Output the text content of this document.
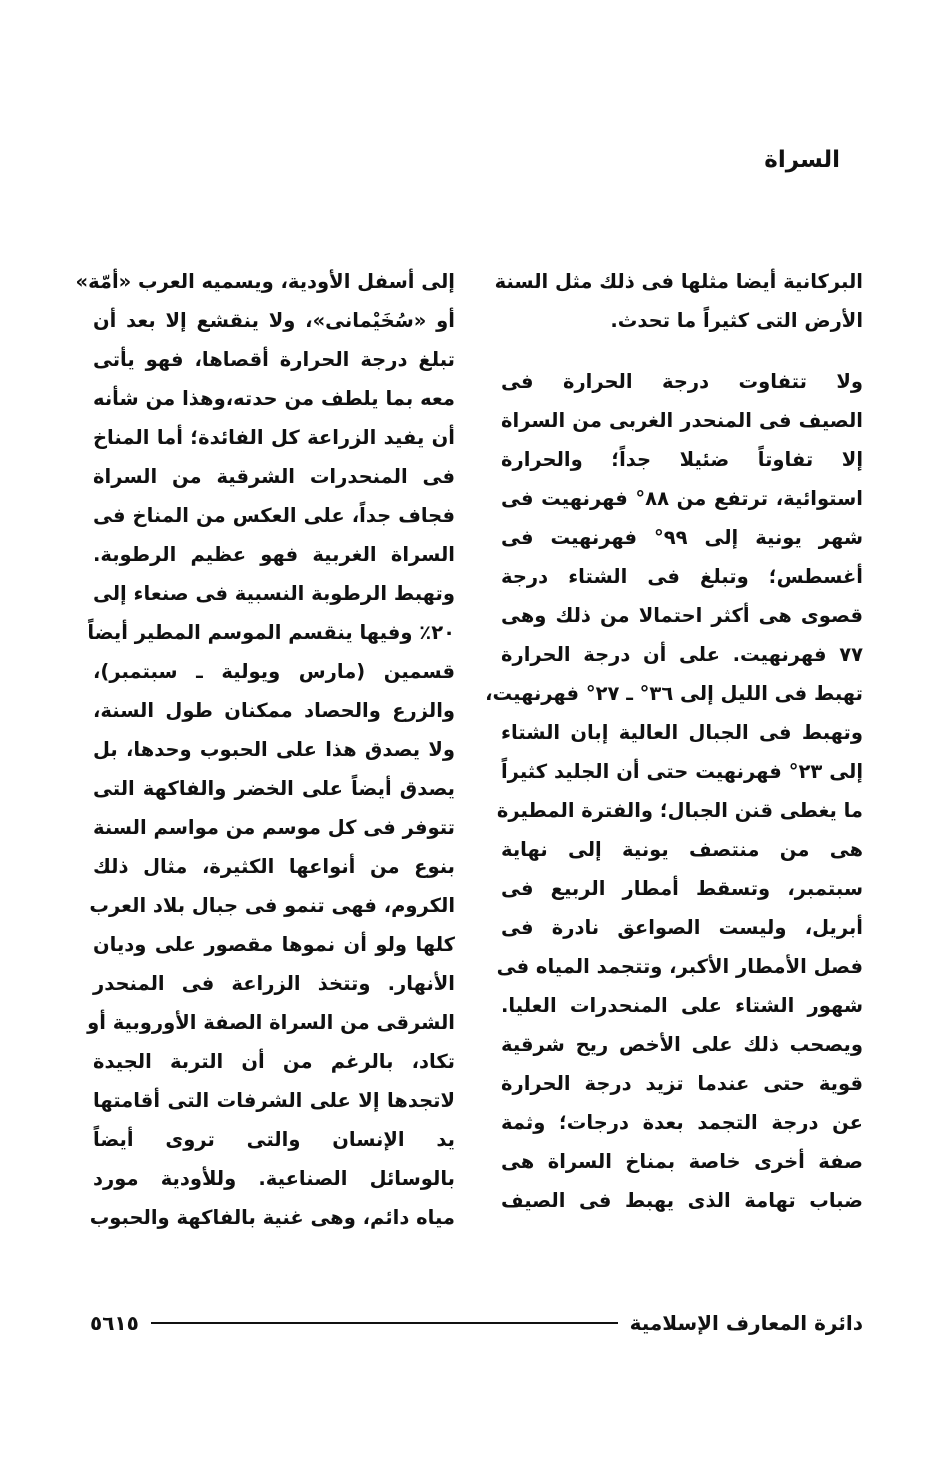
السراة
البركانية أيضا مثلها فى ذلك مثل السنة
الأرض التى كثيراً ما تحدث.
ولا تتفاوت درجة الحرارة فى
الصيف فى المنحدر الغربى من السراة
إلا تفاوتاً ضئيلا جداً؛ والحرارة
استوائية، ترتفع من ٨٨° فهرنهيت فى
شهر يونية إلى ٩٩° فهرنهيت فى
أغسطس؛ وتبلغ فى الشتاء درجة
قصوى هى أكثر احتمالا من ذلك وهى
٧٧ فهرنهيت. على أن درجة الحرارة
تهبط فى الليل إلى ٣٦° ـ ٢٧° فهرنهيت،
وتهبط فى الجبال العالية إبان الشتاء
إلى ٢٣° فهرنهيت حتى أن الجليد كثيراً
ما يغطى قنن الجبال؛ والفترة المطيرة
هى من منتصف يونية إلى نهاية
سبتمبر، وتسقط أمطار الربيع فى
أبريل، وليست الصواعق نادرة فى
فصل الأمطار الأكبر، وتتجمد المياه فى
شهور الشتاء على المنحدرات العليا.
ويصحب ذلك على الأخص ريح شرقية
قوية حتى عندما تزيد درجة الحرارة
عن درجة التجمد بعدة درجات؛ وثمة
صفة أخرى خاصة بمناخ السراة هى
ضباب تهامة الذى يهبط فى الصيف
إلى أسفل الأودية، ويسميه العرب «أمّة»
أو «سُخَيْمانى»، ولا ينقشع إلا بعد أن
تبلغ درجة الحرارة أقصاها، فهو يأتى
معه بما يلطف من حدته،وهذا من شأنه
أن يفيد الزراعة كل الفائدة؛ أما المناخ
فى المنحدرات الشرقية من السراة
فجاف جداً، على العكس من المناخ فى
السراة الغربية فهو عظيم الرطوبة.
وتهبط الرطوبة النسبية فى صنعاء إلى
٢٠٪ وفيها ينقسم الموسم المطير أيضاً
قسمين (مارس ويولية ـ سبتمبر)،
والزرع والحصاد ممكنان طول السنة،
ولا يصدق هذا على الحبوب وحدها، بل
يصدق أيضاً على الخضر والفاكهة التى
تتوفر فى كل موسم من مواسم السنة
بنوع من أنواعها الكثيرة، مثال ذلك
الكروم، فهى تنمو فى جبال بلاد العرب
كلها ولو أن نموها مقصور على وديان
الأنهار. وتتخذ الزراعة فى المنحدر
الشرقى من السراة الصفة الأوروبية أو
تكاد، بالرغم من أن التربة الجيدة
لاتجدها إلا على الشرفات التى أقامتها
يد الإنسان والتى تروى أيضاً
بالوسائل الصناعية. وللأودية مورد
مياه دائم، وهى غنية بالفاكهة والحبوب
دائرة المعارف الإسلامية
٥٦١٥
